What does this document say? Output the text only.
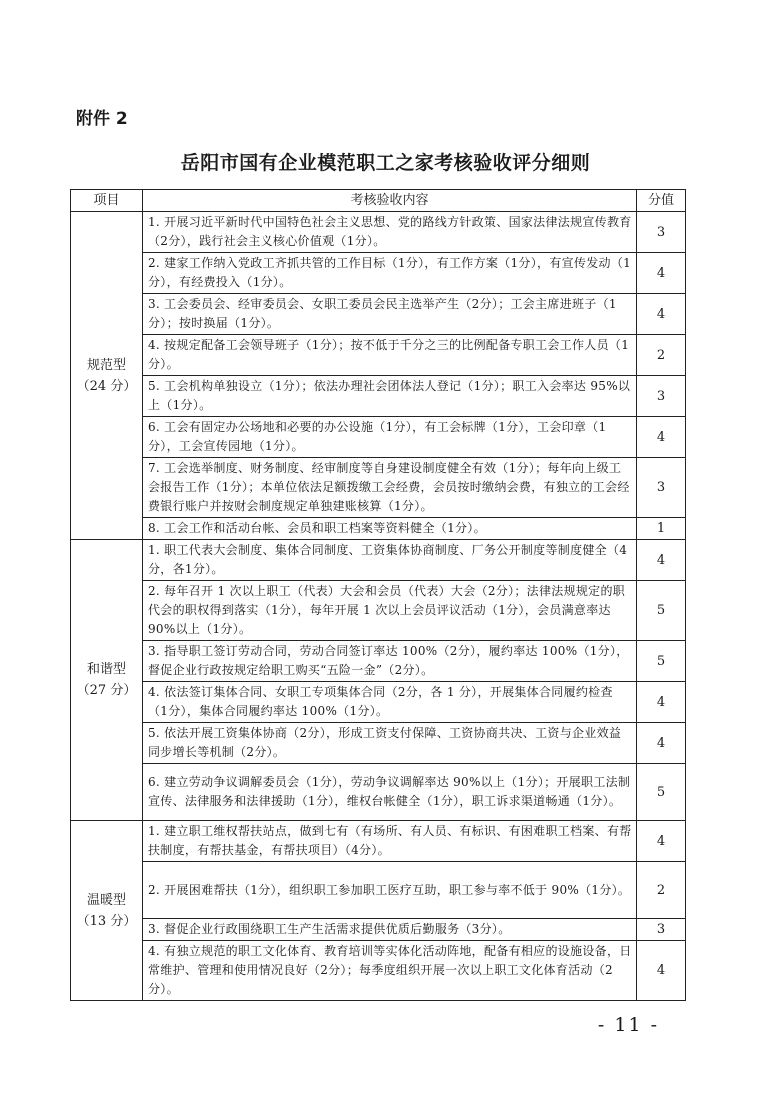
附件 2
岳阳市国有企业模范职工之家考核验收评分细则
项目	考核验收内容	分值

规范型
（24 分）	1. 开展习近平新时代中国特色社会主义思想、党的路线方针政策、国家法律法规宣传教育（2分），践行社会主义核心价值观（1分）。	3
	2. 建家工作纳入党政工齐抓共管的工作目标（1分），有工作方案（1分），有宣传发动（1分），有经费投入（1分）。	4
	3. 工会委员会、经审委员会、女职工委员会民主选举产生（2分）；工会主席进班子（1分）；按时换届（1分）。	4
	4. 按规定配备工会领导班子（1分）；按不低于千分之三的比例配备专职工会工作人员（1分）。	2
	5. 工会机构单独设立（1分）；依法办理社会团体法人登记（1分）；职工入会率达 95%以上（1分）。	3
	6. 工会有固定办公场地和必要的办公设施（1分），有工会标牌（1分），工会印章（1分），工会宣传园地（1分）。	4
	7. 工会选举制度、财务制度、经审制度等自身建设制度健全有效（1分）；每年向上级工会报告工作（1分）；本单位依法足额拨缴工会经费，会员按时缴纳会费，有独立的工会经费银行账户并按财会制度规定单独建账核算（1分）。	3
	8. 工会工作和活动台帐、会员和职工档案等资料健全（1分）。	1

和谐型
（27 分）	1. 职工代表大会制度、集体合同制度、工资集体协商制度、厂务公开制度等制度健全（4分，各1分）。	4
	2. 每年召开 1 次以上职工（代表）大会和会员（代表）大会（2分）；法律法规规定的职代会的职权得到落实（1分），每年开展 1 次以上会员评议活动（1分），会员满意率达 90%以上（1分）。	5
	3. 指导职工签订劳动合同，劳动合同签订率达 100%（2分），履约率达 100%（1分），督促企业行政按规定给职工购买“五险一金”（2分）。	5
	4. 依法签订集体合同、女职工专项集体合同（2分，各 1 分），开展集体合同履约检查（1分），集体合同履约率达 100%（1分）。	4
	5. 依法开展工资集体协商（2分），形成工资支付保障、工资协商共决、工资与企业效益同步增长等机制（2分）。	4
	6. 建立劳动争议调解委员会（1分），劳动争议调解率达 90%以上（1分）；开展职工法制宣传、法律服务和法律援助（1分），维权台帐健全（1分），职工诉求渠道畅通（1分）。	5

温暖型
（13 分）	1. 建立职工维权帮扶站点，做到七有（有场所、有人员、有标识、有困难职工档案、有帮扶制度，有帮扶基金，有帮扶项目）（4分）。	4
	2. 开展困难帮扶（1分），组织职工参加职工医疗互助，职工参与率不低于 90%（1分）。	2
	3. 督促企业行政围绕职工生产生活需求提供优质后勤服务（3分）。	3
	4. 有独立规范的职工文化体育、教育培训等实体化活动阵地，配备有相应的设施设备，日常维护、管理和使用情况良好（2分）；每季度组织开展一次以上职工文化体育活动（2分）。	4
- 11 -
